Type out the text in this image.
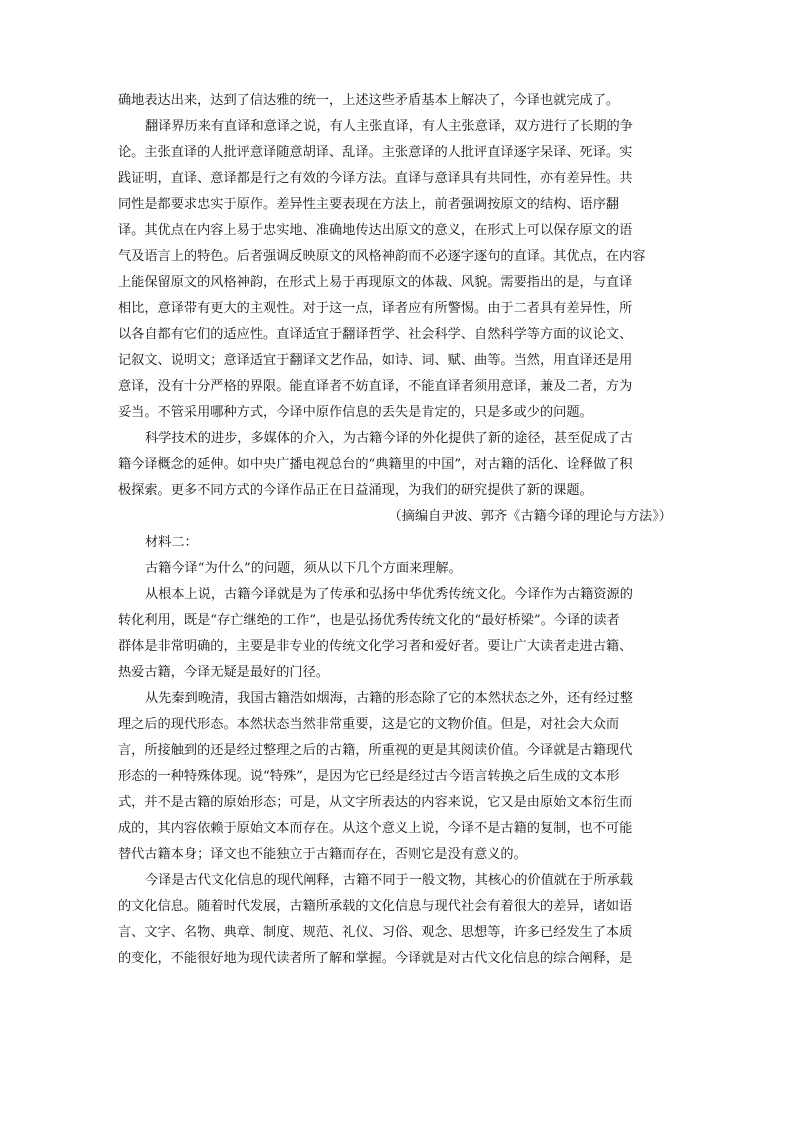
确地表达出来，达到了信达雅的统一，上述这些矛盾基本上解决了，今译也就完成了。
翻译界历来有直译和意译之说，有人主张直译，有人主张意译，双方进行了长期的争
论。主张直译的人批评意译随意胡译、乱译。主张意译的人批评直译逐字呆译、死译。实
践证明，直译、意译都是行之有效的今译方法。直译与意译具有共同性，亦有差异性。共
同性是都要求忠实于原作。差异性主要表现在方法上，前者强调按原文的结构、语序翻
译。其优点在内容上易于忠实地、准确地传达出原文的意义，在形式上可以保存原文的语
气及语言上的特色。后者强调反映原文的风格神韵而不必逐字逐句的直译。其优点，在内容
上能保留原文的风格神韵，在形式上易于再现原文的体裁、风貌。需要指出的是，与直译
相比，意译带有更大的主观性。对于这一点，译者应有所警惕。由于二者具有差异性，所
以各自都有它们的适应性。直译适宜于翻译哲学、社会科学、自然科学等方面的议论文、
记叙文、说明文；意译适宜于翻译文艺作品，如诗、词、赋、曲等。当然，用直译还是用
意译，没有十分严格的界限。能直译者不妨直译，不能直译者须用意译，兼及二者，方为
妥当。不管采用哪种方式，今译中原作信息的丢失是肯定的，只是多或少的问题。
科学技术的进步，多媒体的介入，为古籍今译的外化提供了新的途径，甚至促成了古
籍今译概念的延伸。如中央广播电视总台的“典籍里的中国”，对古籍的活化、诠释做了积
极探索。更多不同方式的今译作品正在日益涌现，为我们的研究提供了新的课题。
（摘编自尹波、郭齐《古籍今译的理论与方法》）
材料二：
古籍今译“为什么”的问题，须从以下几个方面来理解。
从根本上说，古籍今译就是为了传承和弘扬中华优秀传统文化。今译作为古籍资源的
转化利用，既是“存亡继绝的工作”，也是弘扬优秀传统文化的“最好桥梁”。今译的读者
群体是非常明确的，主要是非专业的传统文化学习者和爱好者。要让广大读者走进古籍、
热爱古籍，今译无疑是最好的门径。
从先秦到晚清，我国古籍浩如烟海，古籍的形态除了它的本然状态之外，还有经过整
理之后的现代形态。本然状态当然非常重要，这是它的文物价值。但是，对社会大众而
言，所接触到的还是经过整理之后的古籍，所重视的更是其阅读价值。今译就是古籍现代
形态的一种特殊体现。说“特殊”，是因为它已经是经过古今语言转换之后生成的文本形
式，并不是古籍的原始形态；可是，从文字所表达的内容来说，它又是由原始文本衍生而
成的，其内容依赖于原始文本而存在。从这个意义上说，今译不是古籍的复制，也不可能
替代古籍本身；译文也不能独立于古籍而存在，否则它是没有意义的。
今译是古代文化信息的现代阐释，古籍不同于一般文物，其核心的价值就在于所承载
的文化信息。随着时代发展，古籍所承载的文化信息与现代社会有着很大的差异，诸如语
言、文字、名物、典章、制度、规范、礼仪、习俗、观念、思想等，许多已经发生了本质
的变化，不能很好地为现代读者所了解和掌握。今译就是对古代文化信息的综合阐释，是
